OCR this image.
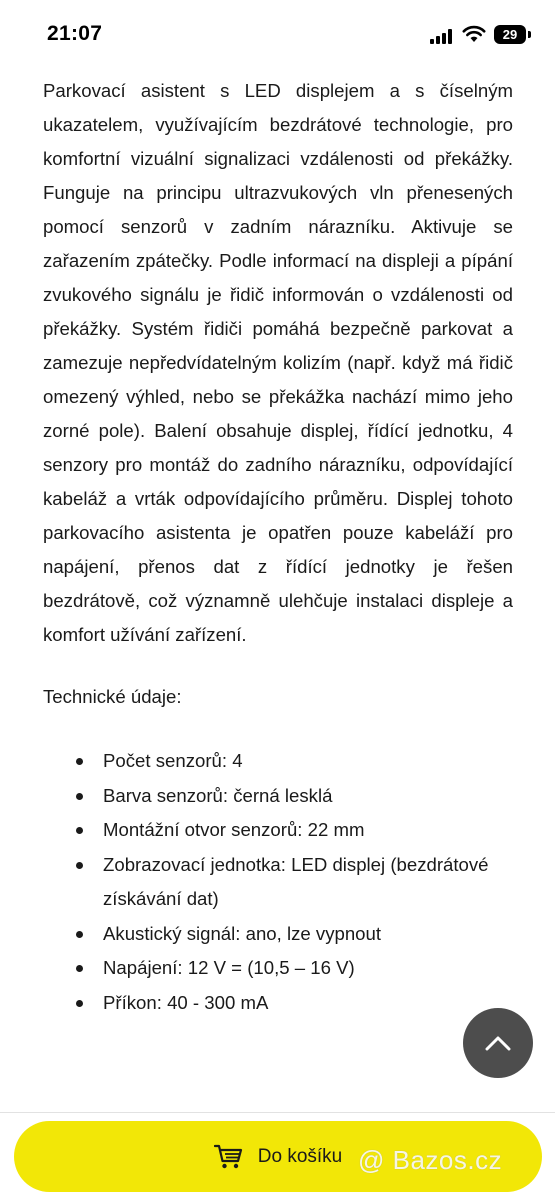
21:07	29

Parkovací asistent s LED displejem a s číselným ukazatelem, využívajícím bezdrátové technologie, pro komfortní vizuální signalizaci vzdálenosti od překážky. Funguje na principu ultrazvukových vln přenesených pomocí senzorů v zadním nárazníku. Aktivuje se zařazením zpátečky. Podle informací na displeji a pípání zvukového signálu je řidič informován o vzdálenosti od překážky. Systém řidiči pomáhá bezpečně parkovat a zamezuje nepředvídatelným kolizím (např. když má řidič omezený výhled, nebo se překážka nachází mimo jeho zorné pole). Balení obsahuje displej, řídící jednotku, 4 senzory pro montáž do zadního nárazníku, odpovídající kabeláž a vrták odpovídajícího průměru. Displej tohoto parkovacího asistenta je opatřen pouze kabeláží pro napájení, přenos dat z řídící jednotky je řešen bezdrátově, což významně ulehčuje instalaci displeje a komfort užívání zařízení.

Technické údaje:

Počet senzorů: 4
Barva senzorů: černá lesklá
Montážní otvor senzorů: 22 mm
Zobrazovací jednotka: LED displej (bezdrátové získávání dat)
Akustický signál: ano, lze vypnout
Napájení: 12 V = (10,5 – 16 V)
Příkon: 40 - 300 mA
Do košíku @ Bazos.cz
